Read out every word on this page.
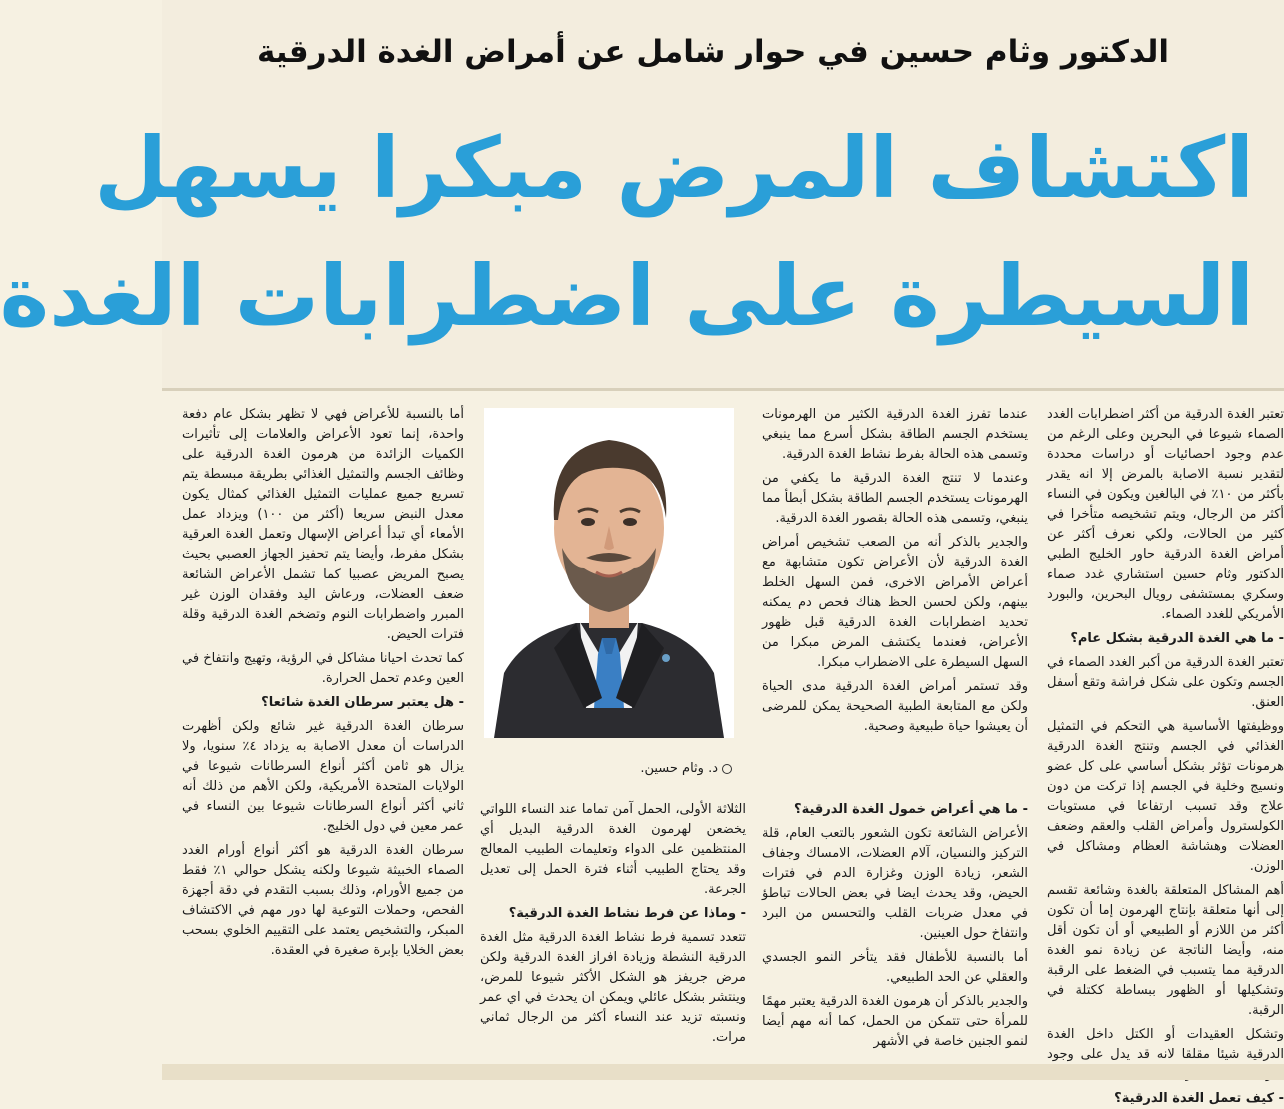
الدكتور وثام حسين في حوار شامل عن أمراض الغدة الدرقية
اكتشاف المرض مبكرا يسهل
السيطرة على اضطرابات الغدة

تعتبر الغدة الدرقية من أكثر اضطرابات الغدد الصماء شيوعا في البحرين وعلى الرغم من عدم وجود احصائيات أو دراسات محددة لتقدير نسبة الاصابة بالمرض إلا انه يقدر بأكثر من ١٠٪ في البالغين ويكون في النساء أكثر من الرجال، ويتم تشخيصه متأخرا في كثير من الحالات، ولكي نعرف أكثر عن أمراض الغدة الدرقية حاور الخليج الطبي الدكتور وثام حسين استشاري غدد صماء وسكري بمستشفى رويال البحرين، والبورد الأمريكي للغدد الصماء.

- ما هي الغدة الدرقية بشكل عام؟

تعتبر الغدة الدرقية من أكبر الغدد الصماء في الجسم وتكون على شكل فراشة وتقع أسفل العنق.

ووظيفتها الأساسية هي التحكم في التمثيل الغذائي في الجسم وتنتج الغدة الدرقية هرمونات تؤثر بشكل أساسي على كل عضو ونسيج وخلية في الجسم إذا تركت من دون علاج وقد تسبب ارتفاعا في مستويات الكولسترول وأمراض القلب والعقم وضعف العضلات وهشاشة العظام ومشاكل في الوزن.

أهم المشاكل المتعلقة بالغدة وشائعة تقسم إلى أنها متعلقة بإنتاج الهرمون إما أن تكون أكثر من اللازم أو الطبيعي أو أن تكون أقل منه، وأيضا الناتجة عن زيادة نمو الغدة الدرقية مما يتسبب في الضغط على الرقبة وتشكيلها أو الظهور ببساطة ككتلة في الرقبة.

وتشكل العقيدات أو الكتل داخل الغدة الدرقية شيئا مقلقا لانه قد يدل على وجود

- كيف تعمل الغدة الدرقية؟

عندما تفرز الغدة الدرقية الكثير من الهرمونات يستخدم الجسم الطاقة بشكل أسرع مما ينبغي وتسمى هذه الحالة بفرط نشاط الغدة الدرقية.

وعندما لا تنتج الغدة الدرقية ما يكفي من الهرمونات يستخدم الجسم الطاقة بشكل أبطأ مما ينبغي، وتسمى هذه الحالة بقصور الغدة الدرقية.

والجدير بالذكر أنه من الصعب تشخيص أمراض الغدة الدرقية لأن الأعراض تكون متشابهة مع أعراض الأمراض الاخرى، فمن السهل الخلط بينهم، ولكن لحسن الحظ هناك فحص دم يمكنه تحديد اضطرابات الغدة الدرقية قبل ظهور الأعراض، فعندما يكتشف المرض مبكرا من السهل السيطرة على الاضطراب مبكرا.

وقد تستمر أمراض الغدة الدرقية مدى الحياة ولكن مع المتابعة الطبية الصحيحة يمكن للمرضى أن يعيشوا حياة طبيعية وصحية.

- ما هي أعراض خمول الغدة الدرقية؟

الأعراض الشائعة تكون الشعور بالتعب العام، قلة التركيز والنسيان، آلام العضلات، الامساك وجفاف الشعر، زيادة الوزن وغزارة الدم في فترات الحيض، وقد يحدث ايضا في بعض الحالات تباطؤ في معدل ضربات القلب والتحسس من البرد وانتفاخ حول العينين.

أما بالنسبة للأطفال فقد يتأخر النمو الجسدي والعقلي عن الحد الطبيعي.

والجدير بالذكر أن هرمون الغدة الدرقية يعتبر مهمًا للمرأة حتى تتمكن من الحمل، كما أنه مهم أيضا لنمو الجنين خاصة في الأشهر

د. وثام حسين.

الثلاثة الأولى، الحمل آمن تماما عند النساء اللواتي يخضعن لهرمون الغدة الدرقية البديل أي المنتظمين على الدواء وتعليمات الطبيب المعالج وقد يحتاج الطبيب أثناء فترة الحمل إلى تعديل الجرعة.

- وماذا عن فرط نشاط الغدة الدرقية؟

تتعدد تسمية فرط نشاط الغدة الدرقية مثل الغدة الدرقية النشطة وزيادة افراز الغدة الدرقية ولكن مرض جريفز هو الشكل الأكثر شيوعا للمرض، وينتشر بشكل عائلي ويمكن ان يحدث في اي عمر ونسبته تزيد عند النساء أكثر من الرجال ثماني مرات.

أما بالنسبة للأعراض فهي لا تظهر بشكل عام دفعة واحدة، إنما تعود الأعراض والعلامات إلى تأثيرات الكميات الزائدة من هرمون الغدة الدرقية على وظائف الجسم والتمثيل الغذائي بطريقة مبسطة يتم تسريع جميع عمليات التمثيل الغذائي كمثال يكون معدل النبض سريعا (أكثر من ١٠٠) ويزداد عمل الأمعاء أي تبدأ أعراض الإسهال وتعمل الغدة العرقية بشكل مفرط، وأيضا يتم تحفيز الجهاز العصبي بحيث يصبح المريض عصبيا كما تشمل الأعراض الشائعة ضعف العضلات، ورعاش اليد وفقدان الوزن غير المبرر واضطرابات النوم وتضخم الغدة الدرقية وقلة فترات الحيض.

كما تحدث احيانا مشاكل في الرؤية، وتهيج وانتفاخ في العين وعدم تحمل الحرارة.

- هل يعتبر سرطان الغدة شائعا؟

سرطان الغدة الدرقية غير شائع ولكن أظهرت الدراسات أن معدل الاصابة به يزداد ٤٪ سنويا، ولا يزال هو ثامن أكثر أنواع السرطانات شيوعا في الولايات المتحدة الأمريكية، ولكن الأهم من ذلك أنه ثاني أكثر أنواع السرطانات شيوعا بين النساء في عمر معين في دول الخليج.

سرطان الغدة الدرقية هو أكثر أنواع أورام الغدد الصماء الخبيثة شيوعا ولكنه يشكل حوالي ١٪ فقط من جميع الأورام، وذلك بسبب التقدم في دقة أجهزة الفحص، وحملات التوعية لها دور مهم في الاكتشاف المبكر، والتشخيص يعتمد على التقييم الخلوي بسحب بعض الخلايا بإبرة صغيرة في العقدة.
